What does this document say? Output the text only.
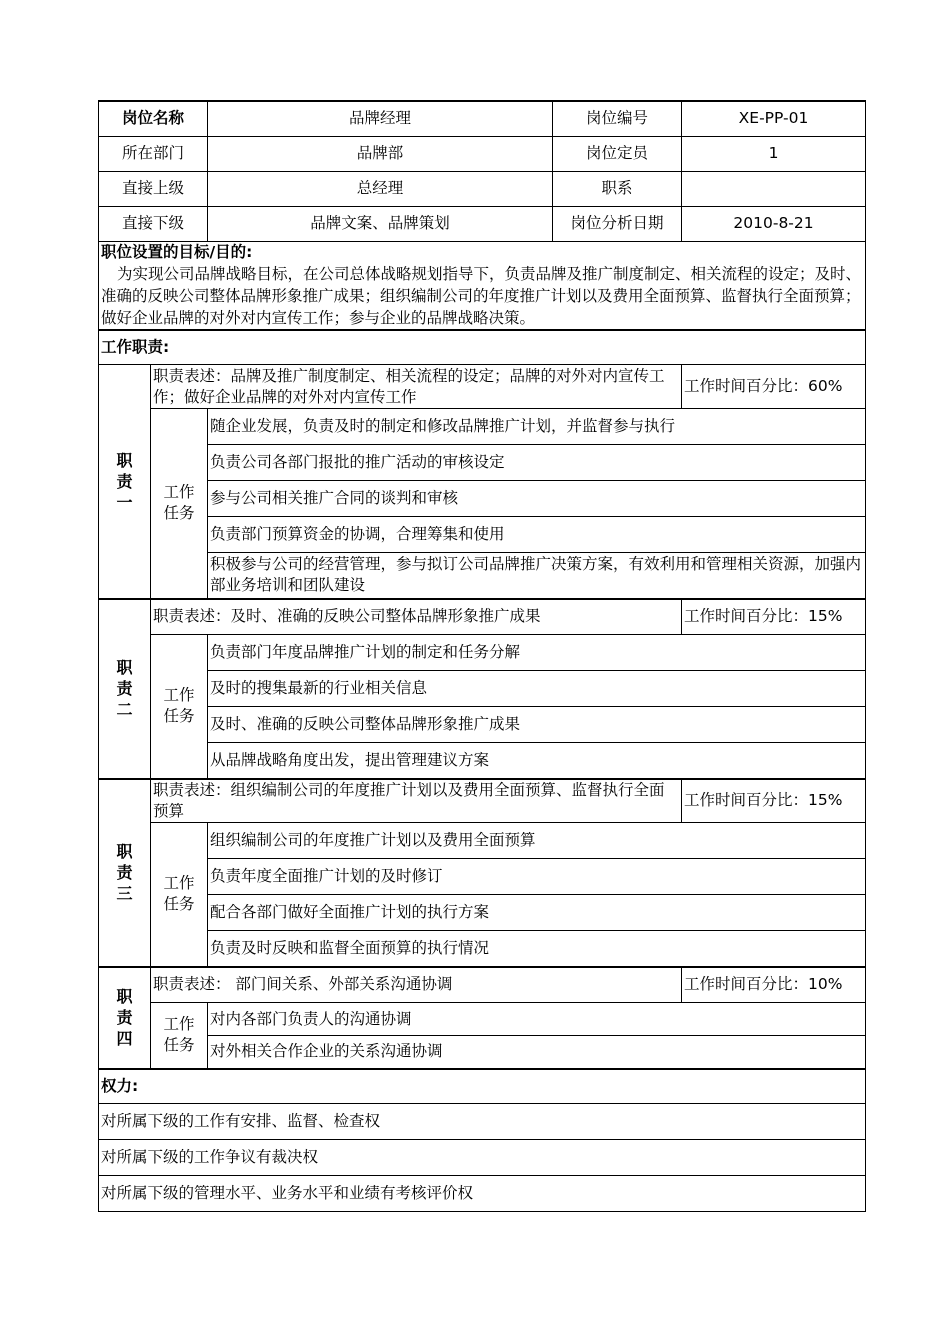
岗位名称		品牌经理	岗位编号	XE-PP-01
所在部门		品牌部	岗位定员	1
直接上级		总经理	职系	
直接下级		品牌文案、品牌策划	岗位分析日期	2010-8-21

职位设置的目标/目的:
为实现公司品牌战略目标，在公司总体战略规划指导下，负责品牌及推广制度制定、相关流程的设定；及时、准确的反映公司整体品牌形象推广成果；组织编制公司的年度推广计划以及费用全面预算、监督执行全面预算；做好企业品牌的对外对内宣传工作；参与企业的品牌战略决策。				

工作职责:				
职责一	职责表述：品牌及推广制度制定、相关流程的设定；品牌的对外对内宣传工作；做好企业品牌的对外对内宣传工作			工作时间百分比：60%
	工作任务	随企业发展，负责及时的制定和修改品牌推广计划，并监督参与执行		
		负责公司各部门报批的推广活动的审核设定		
		参与公司相关推广合同的谈判和审核		
		负责部门预算资金的协调，合理筹集和使用		
		积极参与公司的经营管理，参与拟订公司品牌推广决策方案，有效利用和管理相关资源，加强内部业务培训和团队建设		
职责二	职责表述：及时、准确的反映公司整体品牌形象推广成果			工作时间百分比：15%
	工作任务	负责部门年度品牌推广计划的制定和任务分解		
		及时的搜集最新的行业相关信息		
		及时、准确的反映公司整体品牌形象推广成果		
		从品牌战略角度出发，提出管理建议方案		
职责三	职责表述：组织编制公司的年度推广计划以及费用全面预算、监督执行全面预算			工作时间百分比：15%
	工作任务	组织编制公司的年度推广计划以及费用全面预算		
		负责年度全面推广计划的及时修订		
		配合各部门做好全面推广计划的执行方案		
		负责及时反映和监督全面预算的执行情况		
职责四	职责表述： 部门间关系、外部关系沟通协调			工作时间百分比：10%
	工作任务	对内各部门负责人的沟通协调		
		对外相关合作企业的关系沟通协调		
权力:				
对所属下级的工作有安排、监督、检查权				
对所属下级的工作争议有裁决权				
对所属下级的管理水平、业务水平和业绩有考核评价权				
